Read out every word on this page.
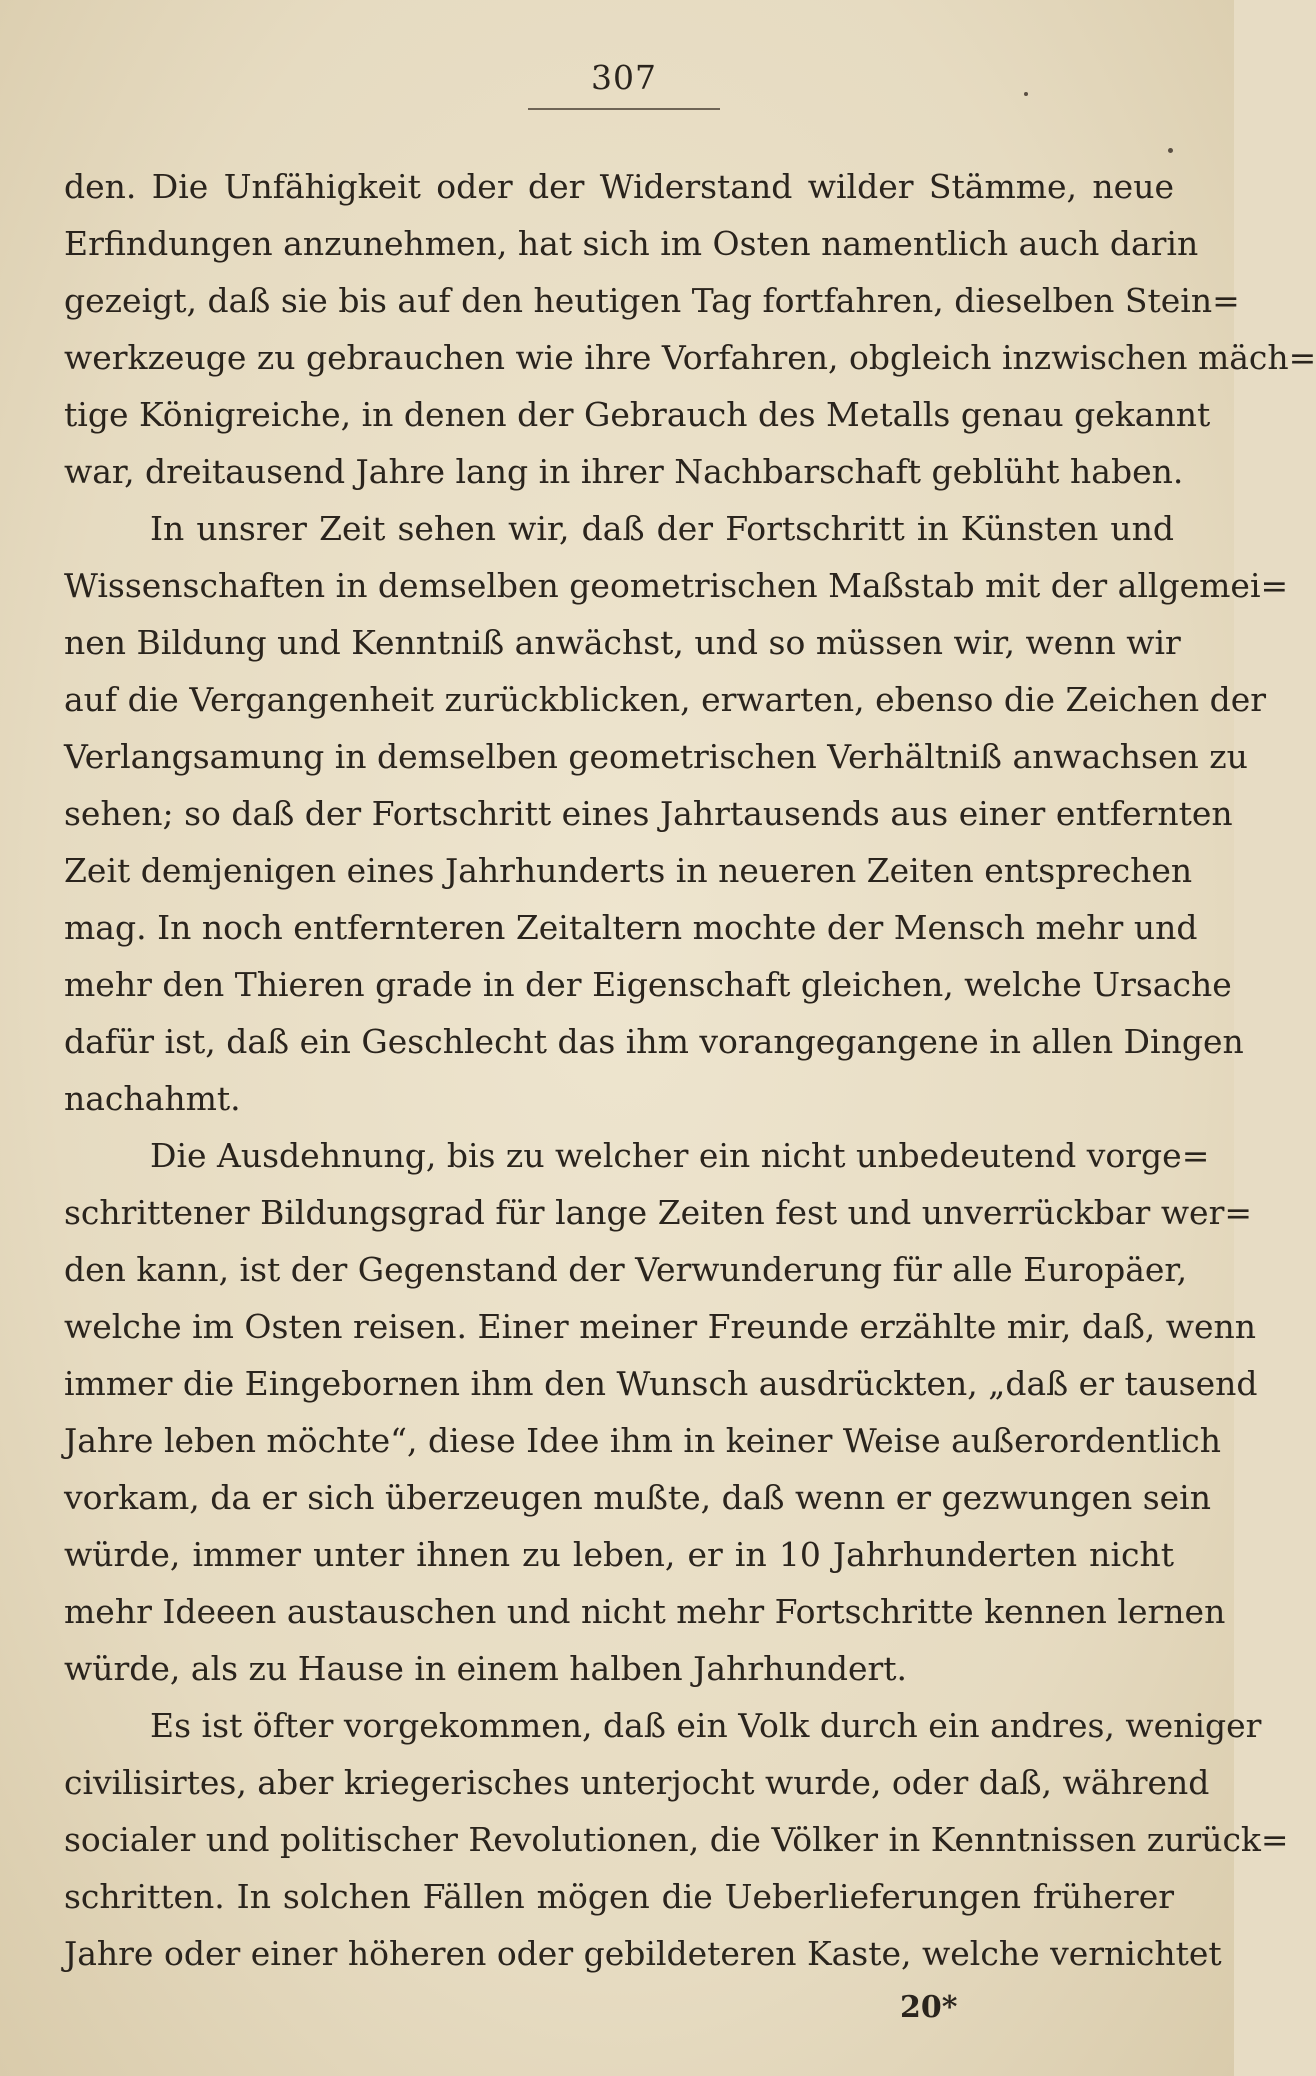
307
den. Die Unfähigkeit oder der Widerstand wilder Stämme, neue
Erfindungen anzunehmen, hat sich im Osten namentlich auch darin
gezeigt, daß sie bis auf den heutigen Tag fortfahren, dieselben Stein=
werkzeuge zu gebrauchen wie ihre Vorfahren, obgleich inzwischen mäch=
tige Königreiche, in denen der Gebrauch des Metalls genau gekannt
war, dreitausend Jahre lang in ihrer Nachbarschaft geblüht haben.
In unsrer Zeit sehen wir, daß der Fortschritt in Künsten und
Wissenschaften in demselben geometrischen Maßstab mit der allgemei=
nen Bildung und Kenntniß anwächst, und so müssen wir, wenn wir
auf die Vergangenheit zurückblicken, erwarten, ebenso die Zeichen der
Verlangsamung in demselben geometrischen Verhältniß anwachsen zu
sehen; so daß der Fortschritt eines Jahrtausends aus einer entfernten
Zeit demjenigen eines Jahrhunderts in neueren Zeiten entsprechen
mag. In noch entfernteren Zeitaltern mochte der Mensch mehr und
mehr den Thieren grade in der Eigenschaft gleichen, welche Ursache
dafür ist, daß ein Geschlecht das ihm vorangegangene in allen Dingen
nachahmt.
Die Ausdehnung, bis zu welcher ein nicht unbedeutend vorge=
schrittener Bildungsgrad für lange Zeiten fest und unverrückbar wer=
den kann, ist der Gegenstand der Verwunderung für alle Europäer,
welche im Osten reisen. Einer meiner Freunde erzählte mir, daß, wenn
immer die Eingebornen ihm den Wunsch ausdrückten, „daß er tausend
Jahre leben möchte“, diese Idee ihm in keiner Weise außerordentlich
vorkam, da er sich überzeugen mußte, daß wenn er gezwungen sein
würde, immer unter ihnen zu leben, er in 10 Jahrhunderten nicht
mehr Ideeen austauschen und nicht mehr Fortschritte kennen lernen
würde, als zu Hause in einem halben Jahrhundert.
Es ist öfter vorgekommen, daß ein Volk durch ein andres, weniger
civilisirtes, aber kriegerisches unterjocht wurde, oder daß, während
socialer und politischer Revolutionen, die Völker in Kenntnissen zurück=
schritten. In solchen Fällen mögen die Ueberlieferungen früherer
Jahre oder einer höheren oder gebildeteren Kaste, welche vernichtet
20*
